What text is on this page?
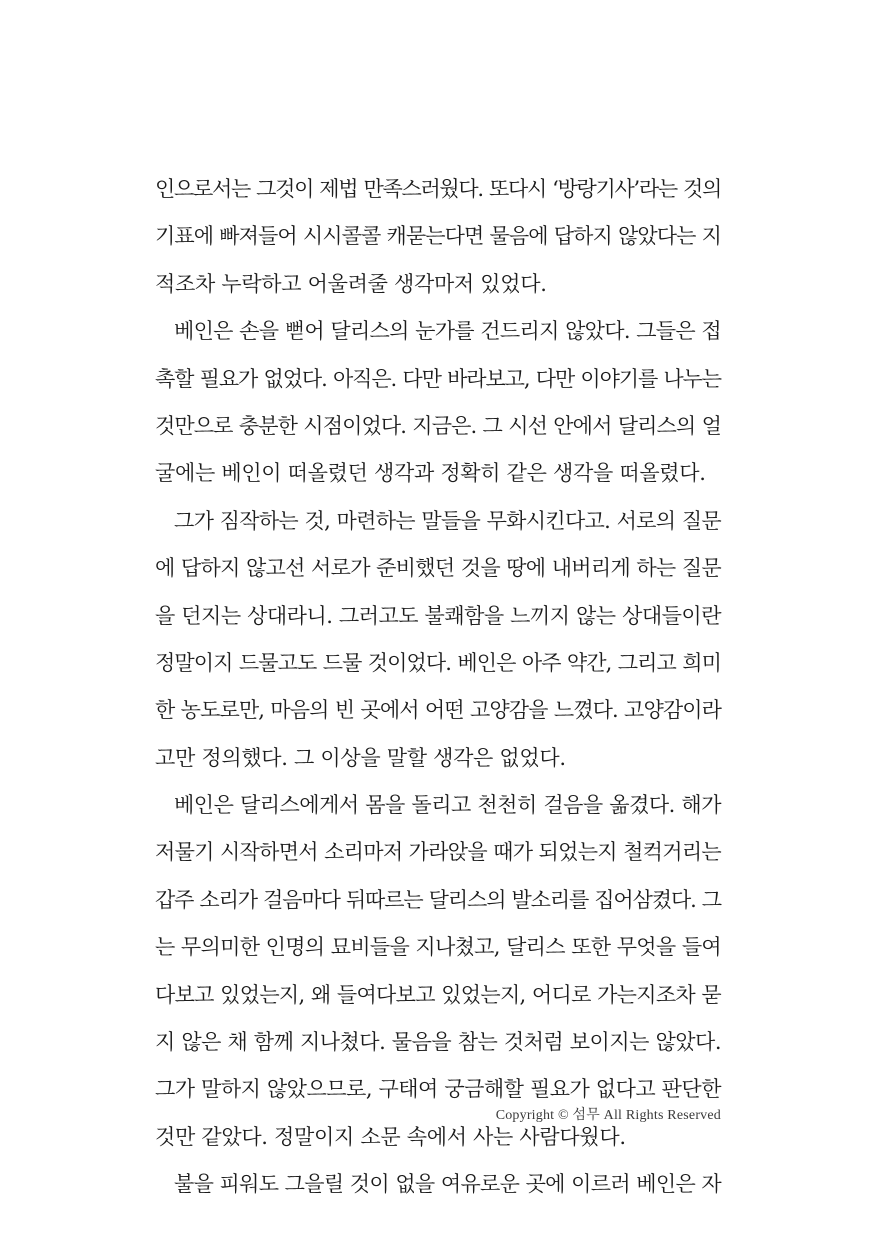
인으로서는 그것이 제법 만족스러웠다. 또다시 ‘방랑기사’라는 것의
기표에 빠져들어 시시콜콜 캐묻는다면 물음에 답하지 않았다는 지
적조차 누락하고 어울려줄 생각마저 있었다.
베인은 손을 뻗어 달리스의 눈가를 건드리지 않았다. 그들은 접
촉할 필요가 없었다. 아직은. 다만 바라보고, 다만 이야기를 나누는
것만으로 충분한 시점이었다. 지금은. 그 시선 안에서 달리스의 얼
굴에는 베인이 떠올렸던 생각과 정확히 같은 생각을 떠올렸다.
그가 짐작하는 것, 마련하는 말들을 무화시킨다고. 서로의 질문
에 답하지 않고선 서로가 준비했던 것을 땅에 내버리게 하는 질문
을 던지는 상대라니. 그러고도 불쾌함을 느끼지 않는 상대들이란
정말이지 드물고도 드물 것이었다. 베인은 아주 약간, 그리고 희미
한 농도로만, 마음의 빈 곳에서 어떤 고양감을 느꼈다. 고양감이라
고만 정의했다. 그 이상을 말할 생각은 없었다.
베인은 달리스에게서 몸을 돌리고 천천히 걸음을 옮겼다. 해가
저물기 시작하면서 소리마저 가라앉을 때가 되었는지 철컥거리는
갑주 소리가 걸음마다 뒤따르는 달리스의 발소리를 집어삼켰다. 그
는 무의미한 인명의 묘비들을 지나쳤고, 달리스 또한 무엇을 들여
다보고 있었는지, 왜 들여다보고 있었는지, 어디로 가는지조차 묻
지 않은 채 함께 지나쳤다. 물음을 참는 것처럼 보이지는 않았다.
그가 말하지 않았으므로, 구태여 궁금해할 필요가 없다고 판단한
것만 같았다. 정말이지 소문 속에서 사는 사람다웠다.
불을 피워도 그을릴 것이 없을 여유로운 곳에 이르러 베인은 자
Copyright © 섬무 All Rights Reserved
